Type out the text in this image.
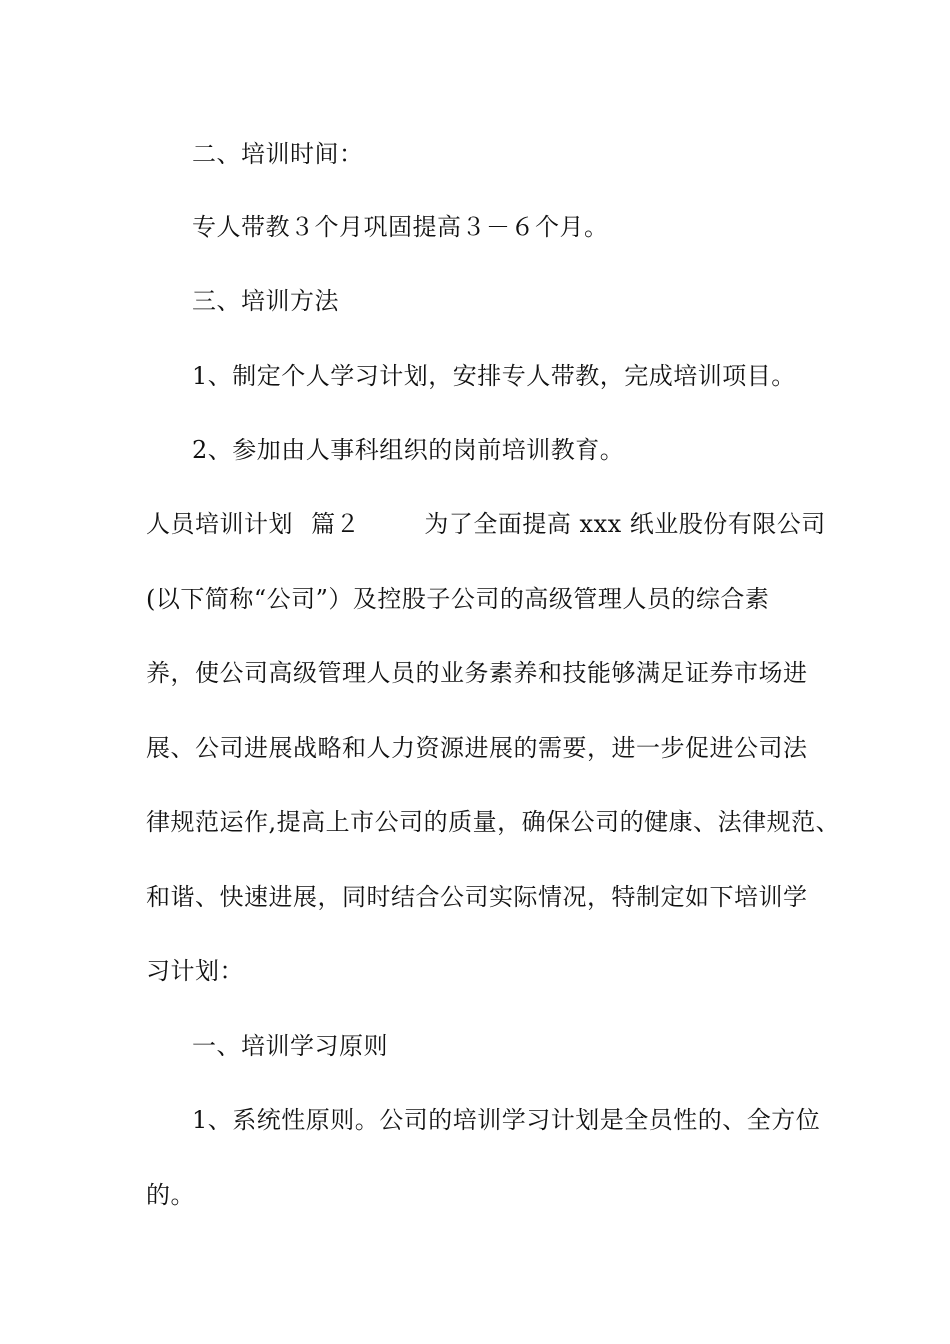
二、培训时间：
专人带教３个月巩固提高３－６个月。
三、培训方法
1、制定个人学习计划，安排专人带教，完成培训项目。
2、参加由人事科组织的岗前培训教育。
人员培训计划 篇２	为了全面提高 xxx 纸业股份有限公司
(以下简称“公司”）及控股子公司的高级管理人员的综合素
养，使公司高级管理人员的业务素养和技能够满足证券市场进
展、公司进展战略和人力资源进展的需要，进一步促进公司法
律规范运作,提高上市公司的质量，确保公司的健康、法律规范、
和谐、快速进展，同时结合公司实际情况，特制定如下培训学
习计划：
一、培训学习原则
1、系统性原则。公司的培训学习计划是全员性的、全方位
的。
